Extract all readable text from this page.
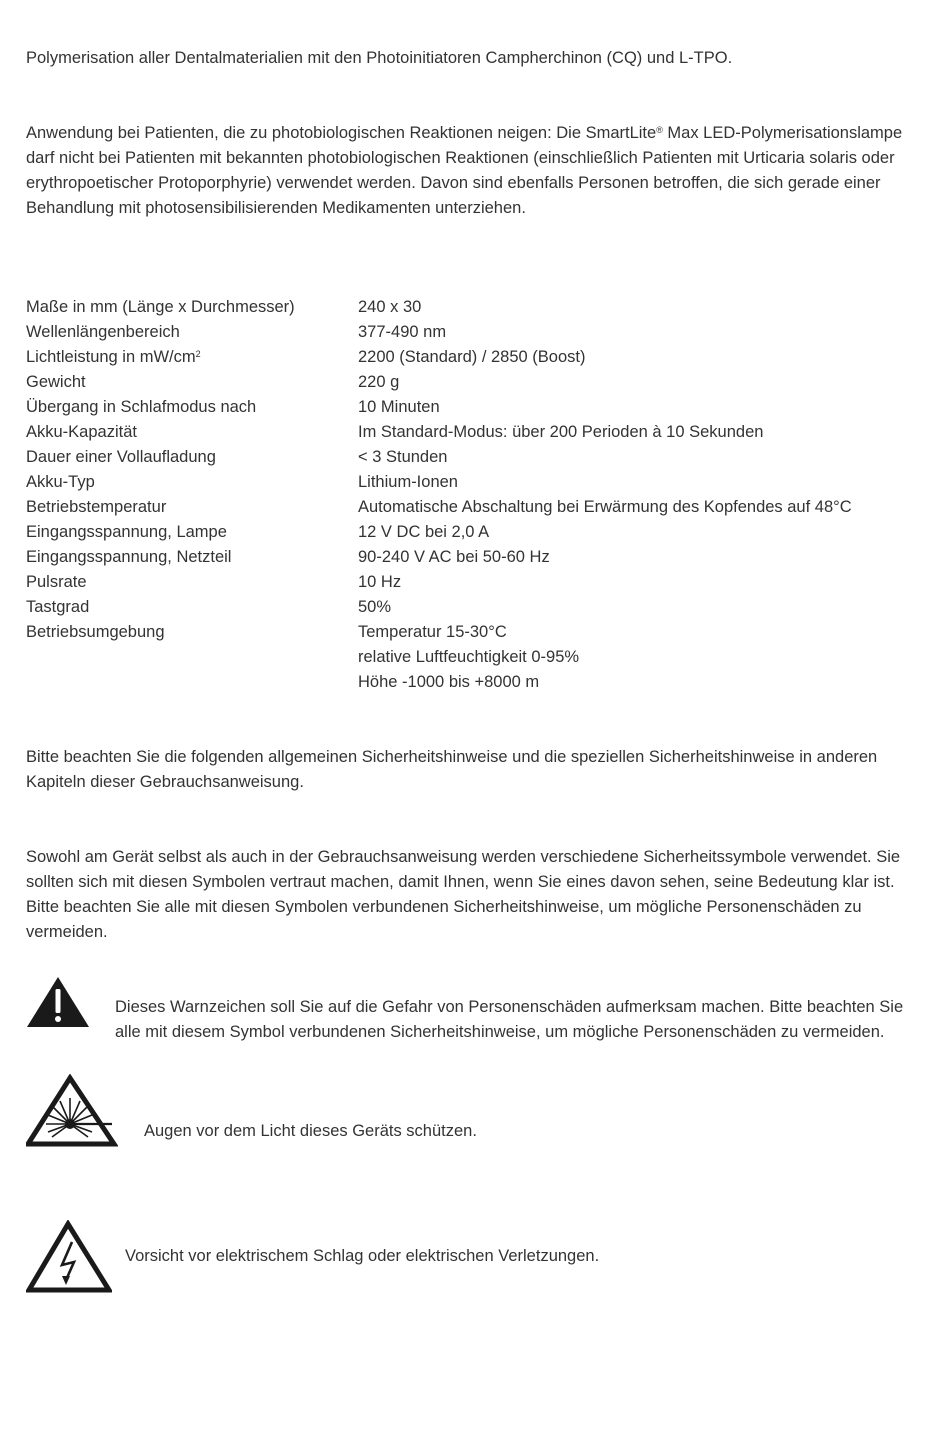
Polymerisation aller Dentalmaterialien mit den Photoinitiatoren Campherchinon (CQ) und L-TPO.

Anwendung bei Patienten, die zu photobiologischen Reaktionen neigen: Die SmartLite® Max LED-Polymerisationslampe darf nicht bei Patienten mit bekannten photobiologischen Reaktionen (einschließlich Patienten mit Urticaria solaris oder erythropoetischer Protoporphyrie) verwendet werden. Davon sind ebenfalls Personen betroffen, die sich gerade einer Behandlung mit photosensibilisierenden Medikamenten unterziehen.

Maße in mm (Länge x Durchmesser)	240 x 30
Wellenlängenbereich	377-490 nm
Lichtleistung in $mW/cm^2$	2200 (Standard) / 2850 (Boost)
Gewicht	220 g
Übergang in Schlafmodus nach	10 Minuten
Akku-Kapazität	Im Standard-Modus: über 200 Perioden à 10 Sekunden
Dauer einer Vollaufladung	< 3 Stunden
Akku-Typ	Lithium-Ionen
Betriebstemperatur	Automatische Abschaltung bei Erwärmung des Kopfendes auf 48°C
Eingangsspannung, Lampe	12 V DC bei 2,0 A
Eingangsspannung, Netzteil	90-240 V AC bei 50-60 Hz
Pulsrate	10 Hz
Tastgrad	50%
Betriebsumgebung	Temperatur 15-30°C
relative Luftfeuchtigkeit 0-95%
Höhe -1000 bis +8000 m

Bitte beachten Sie die folgenden allgemeinen Sicherheitshinweise und die speziellen Sicherheitshinweise in anderen Kapiteln dieser Gebrauchsanweisung.

Sowohl am Gerät selbst als auch in der Gebrauchsanweisung werden verschiedene Sicherheitssymbole verwendet. Sie sollten sich mit diesen Symbolen vertraut machen, damit Ihnen, wenn Sie eines davon sehen, seine Bedeutung klar ist. Bitte beachten Sie alle mit diesen Symbolen verbundenen Sicherheitshinweise, um mögliche Personenschäden zu vermeiden.

Dieses Warnzeichen soll Sie auf die Gefahr von Personenschäden aufmerksam machen. Bitte beachten Sie alle mit diesem Symbol verbundenen Sicherheitshinweise, um mögliche Personenschäden zu vermeiden.

Augen vor dem Licht dieses Geräts schützen.

Vorsicht vor elektrischem Schlag oder elektrischen Verletzungen.
